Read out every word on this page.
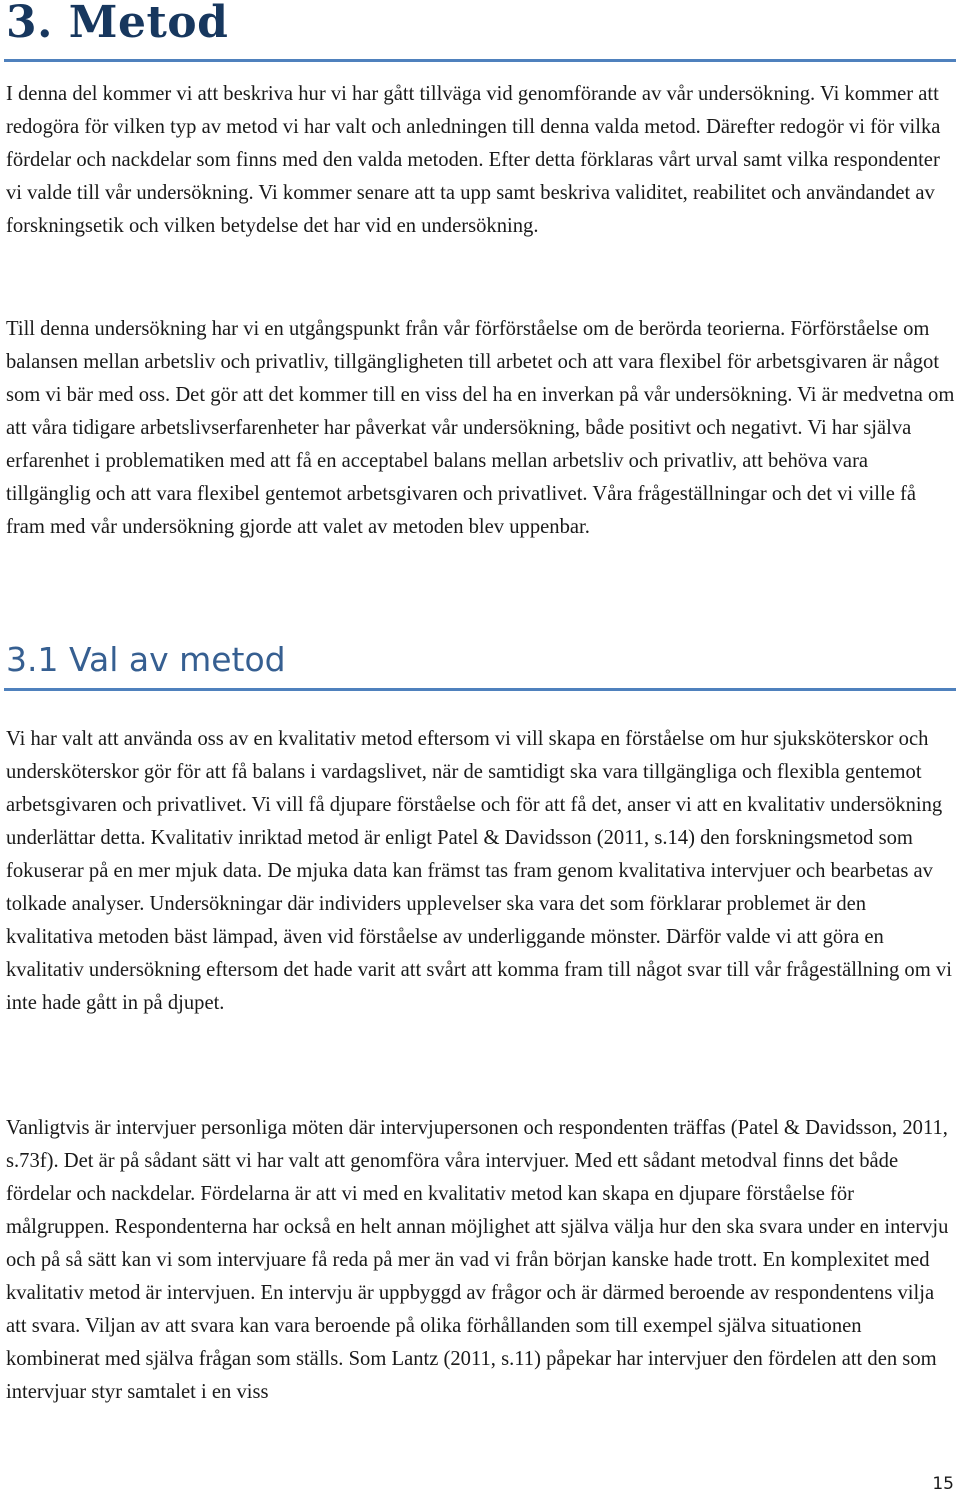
3. Metod

I denna del kommer vi att beskriva hur vi har gått tillväga vid genomförande av vår undersökning. Vi kommer att redogöra för vilken typ av metod vi har valt och anledningen till denna valda metod. Därefter redogör vi för vilka fördelar och nackdelar som finns med den valda metoden. Efter detta förklaras vårt urval samt vilka respondenter vi valde till vår undersökning. Vi kommer senare att ta upp samt beskriva validitet, reabilitet och användandet av forskningsetik och vilken betydelse det har vid en undersökning.

Till denna undersökning har vi en utgångspunkt från vår förförståelse om de berörda teorierna. Förförståelse om balansen mellan arbetsliv och privatliv, tillgängligheten till arbetet och att vara flexibel för arbetsgivaren är något som vi bär med oss. Det gör att det kommer till en viss del ha en inverkan på vår undersökning. Vi är medvetna om att våra tidigare arbetslivserfarenheter har påverkat vår undersökning, både positivt och negativt. Vi har själva erfarenhet i problematiken med att få en acceptabel balans mellan arbetsliv och privatliv, att behöva vara tillgänglig och att vara flexibel gentemot arbetsgivaren och privatlivet. Våra frågeställningar och det vi ville få fram med vår undersökning gjorde att valet av metoden blev uppenbar.

3.1 Val av metod

Vi har valt att använda oss av en kvalitativ metod eftersom vi vill skapa en förståelse om hur sjuksköterskor och undersköterskor gör för att få balans i vardagslivet, när de samtidigt ska vara tillgängliga och flexibla gentemot arbetsgivaren och privatlivet. Vi vill få djupare förståelse och för att få det, anser vi att en kvalitativ undersökning underlättar detta. Kvalitativ inriktad metod är enligt Patel & Davidsson (2011, s.14) den forskningsmetod som fokuserar på en mer mjuk data. De mjuka data kan främst tas fram genom kvalitativa intervjuer och bearbetas av tolkade analyser. Undersökningar där individers upplevelser ska vara det som förklarar problemet är den kvalitativa metoden bäst lämpad, även vid förståelse av underliggande mönster. Därför valde vi att göra en kvalitativ undersökning eftersom det hade varit att svårt att komma fram till något svar till vår frågeställning om vi inte hade gått in på djupet.

Vanligtvis är intervjuer personliga möten där intervjupersonen och respondenten träffas (Patel & Davidsson, 2011, s.73f). Det är på sådant sätt vi har valt att genomföra våra intervjuer. Med ett sådant metodval finns det både fördelar och nackdelar. Fördelarna är att vi med en kvalitativ metod kan skapa en djupare förståelse för målgruppen. Respondenterna har också en helt annan möjlighet att själva välja hur den ska svara under en intervju och på så sätt kan vi som intervjuare få reda på mer än vad vi från början kanske hade trott. En komplexitet med kvalitativ metod är intervjuen. En intervju är uppbyggd av frågor och är därmed beroende av respondentens vilja att svara. Viljan av att svara kan vara beroende på olika förhållanden som till exempel själva situationen kombinerat med själva frågan som ställs. Som Lantz (2011, s.11) påpekar har intervjuer den fördelen att den som intervjuar styr samtalet i en viss

15
